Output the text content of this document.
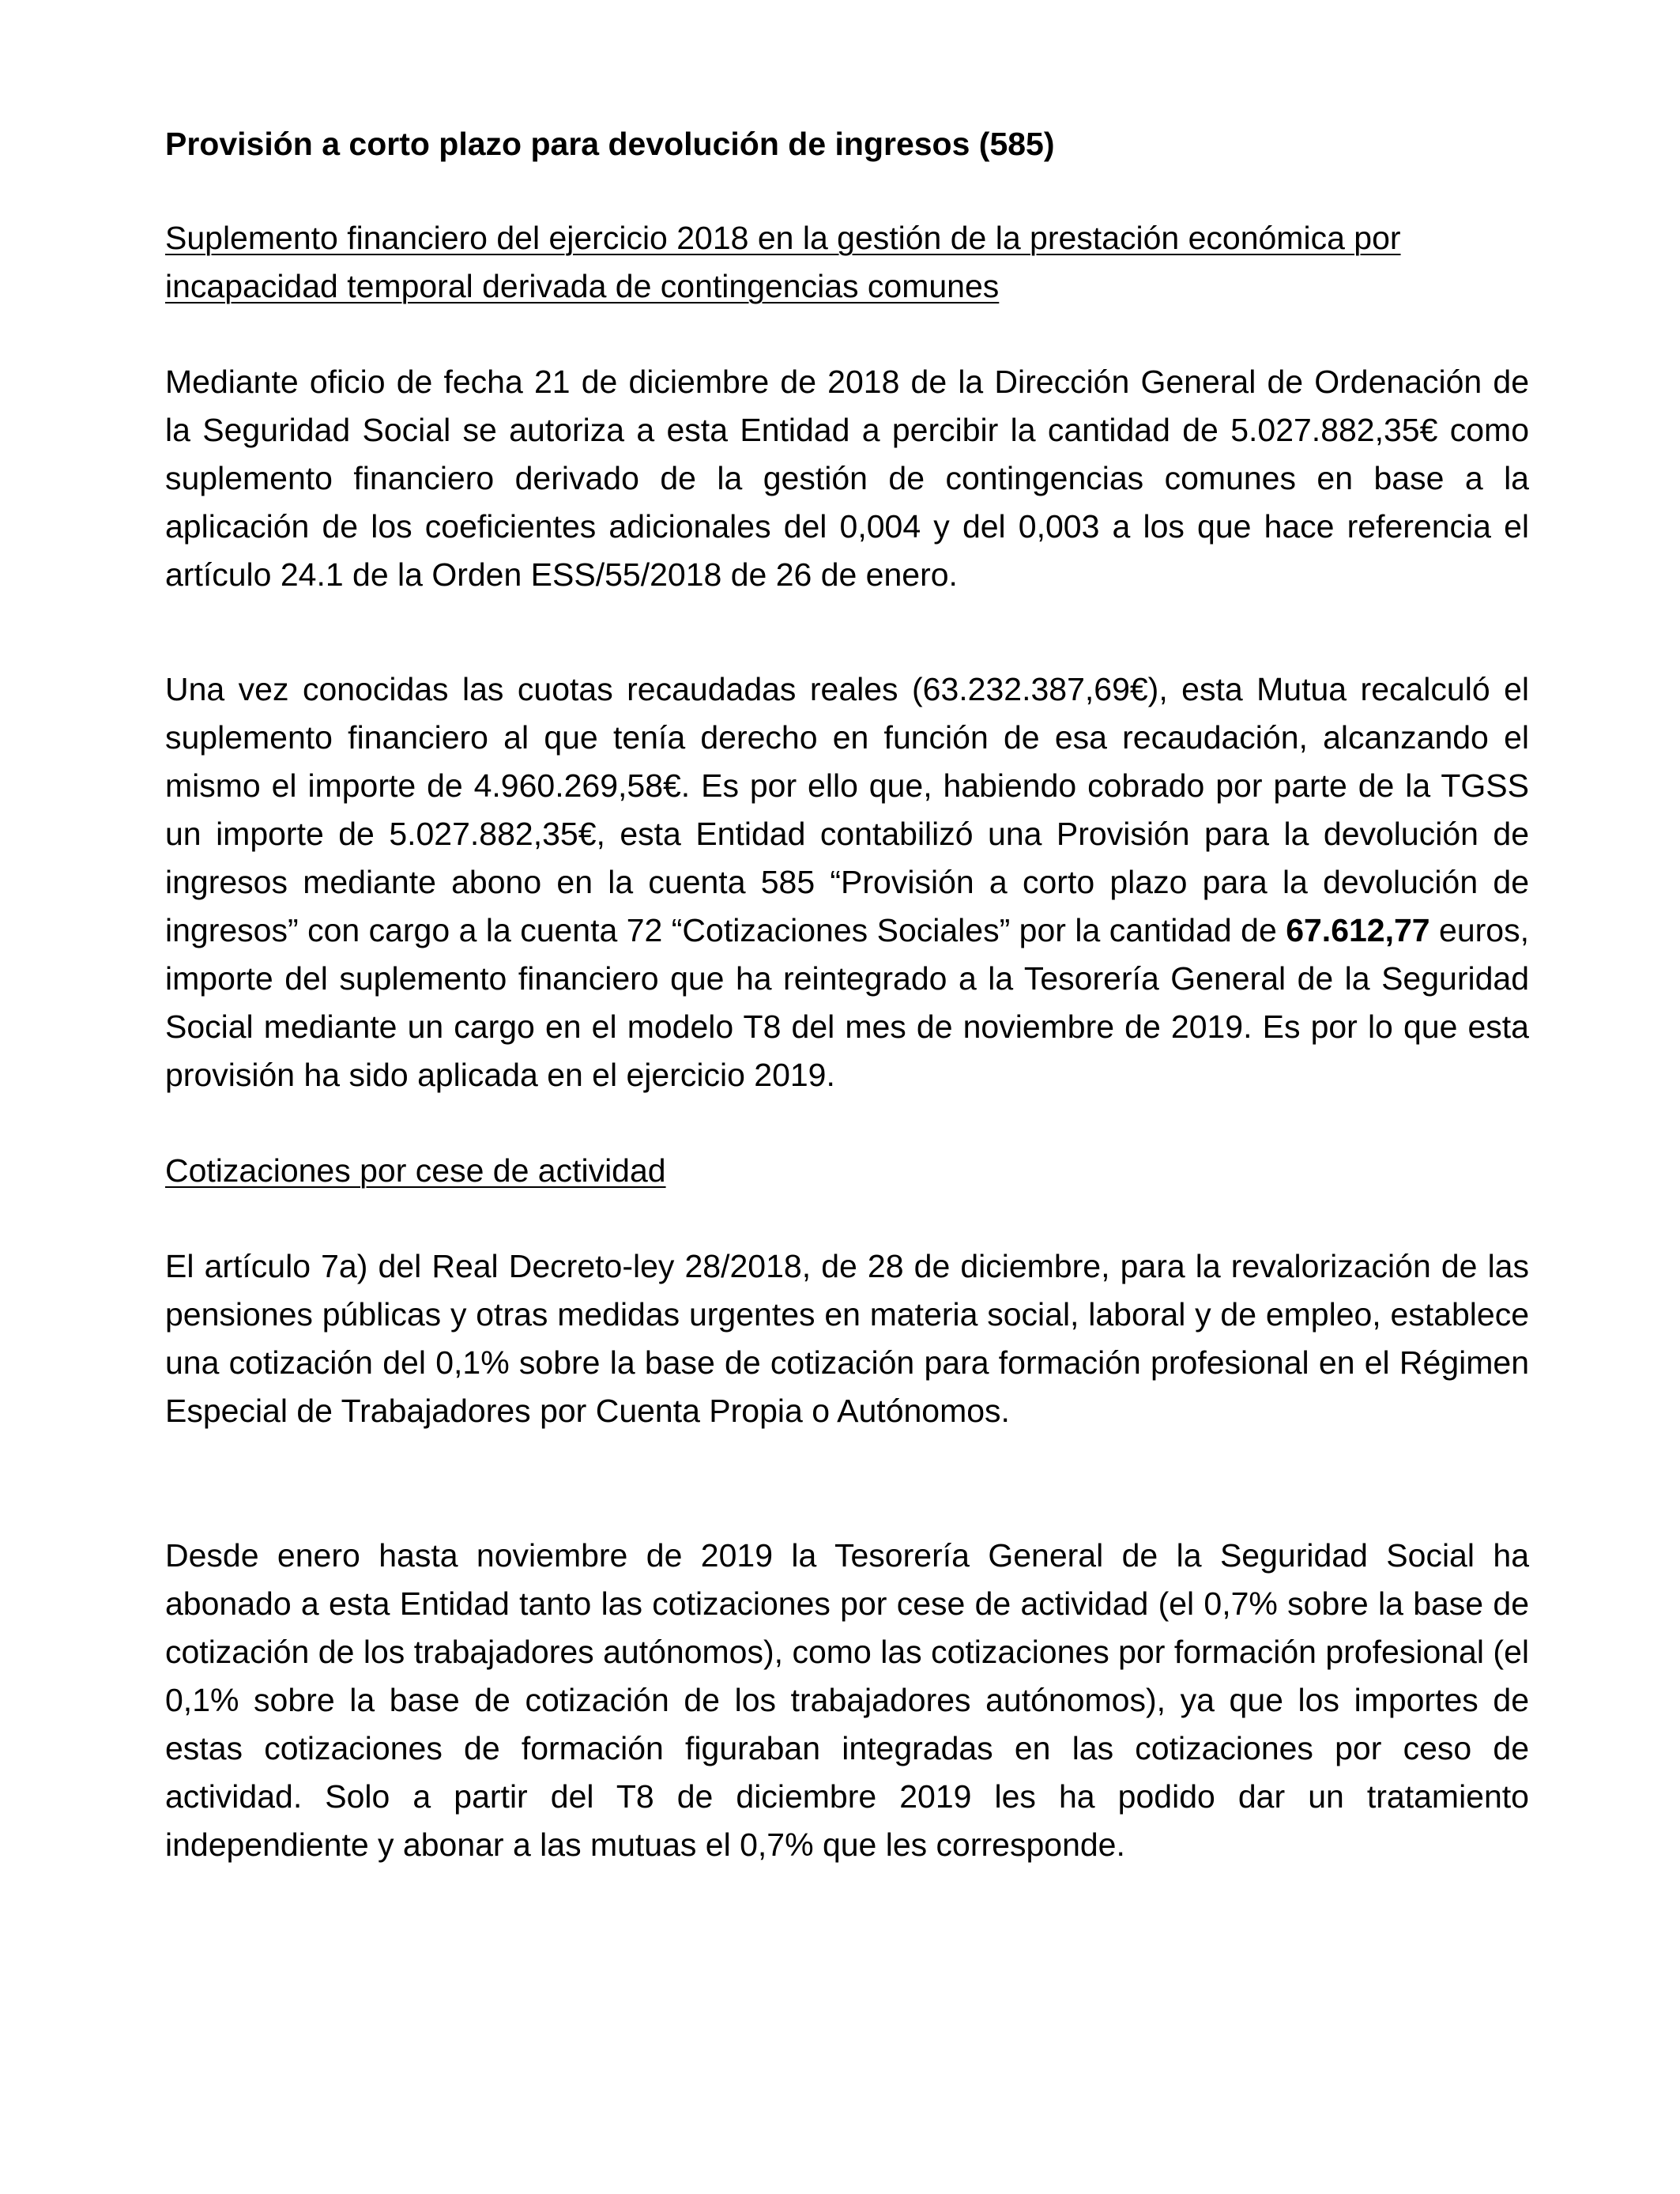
Provisión a corto plazo para devolución de ingresos (585)

Suplemento financiero del ejercicio 2018 en la gestión de la prestación económica por incapacidad temporal derivada de contingencias comunes

Mediante oficio de fecha 21 de diciembre de 2018 de la Dirección General de Ordenación de la Seguridad Social se autoriza a esta Entidad a percibir la cantidad de 5.027.882,35€ como suplemento financiero derivado de la gestión de contingencias comunes en base a la aplicación de los coeficientes adicionales del 0,004 y del 0,003 a los que hace referencia el artículo 24.1 de la Orden ESS/55/2018 de 26 de enero.

Una vez conocidas las cuotas recaudadas reales (63.232.387,69€), esta Mutua recalculó el suplemento financiero al que tenía derecho en función de esa recaudación, alcanzando el mismo el importe de 4.960.269,58€. Es por ello que, habiendo cobrado por parte de la TGSS un importe de 5.027.882,35€, esta Entidad contabilizó una Provisión para la devolución de ingresos mediante abono en la cuenta 585 “Provisión a corto plazo para la devolución de ingresos” con cargo a la cuenta 72 “Cotizaciones Sociales” por la cantidad de 67.612,77 euros, importe del suplemento financiero que ha reintegrado a la Tesorería General de la Seguridad Social mediante un cargo en el modelo T8 del mes de noviembre de 2019. Es por lo que esta provisión ha sido aplicada en el ejercicio 2019.

Cotizaciones por cese de actividad

El artículo 7a) del Real Decreto-ley 28/2018, de 28 de diciembre, para la revalorización de las pensiones públicas y otras medidas urgentes en materia social, laboral y de empleo, establece una cotización del 0,1% sobre la base de cotización para formación profesional en el Régimen Especial de Trabajadores por Cuenta Propia o Autónomos.

Desde enero hasta noviembre de 2019 la Tesorería General de la Seguridad Social ha abonado a esta Entidad tanto las cotizaciones por cese de actividad (el 0,7% sobre la base de cotización de los trabajadores autónomos), como las cotizaciones por formación profesional (el 0,1% sobre la base de cotización de los trabajadores autónomos), ya que los importes de estas cotizaciones de formación figuraban integradas en las cotizaciones por ceso de actividad. Solo a partir del T8 de diciembre 2019 les ha podido dar un tratamiento independiente y abonar a las mutuas el 0,7% que les corresponde.
